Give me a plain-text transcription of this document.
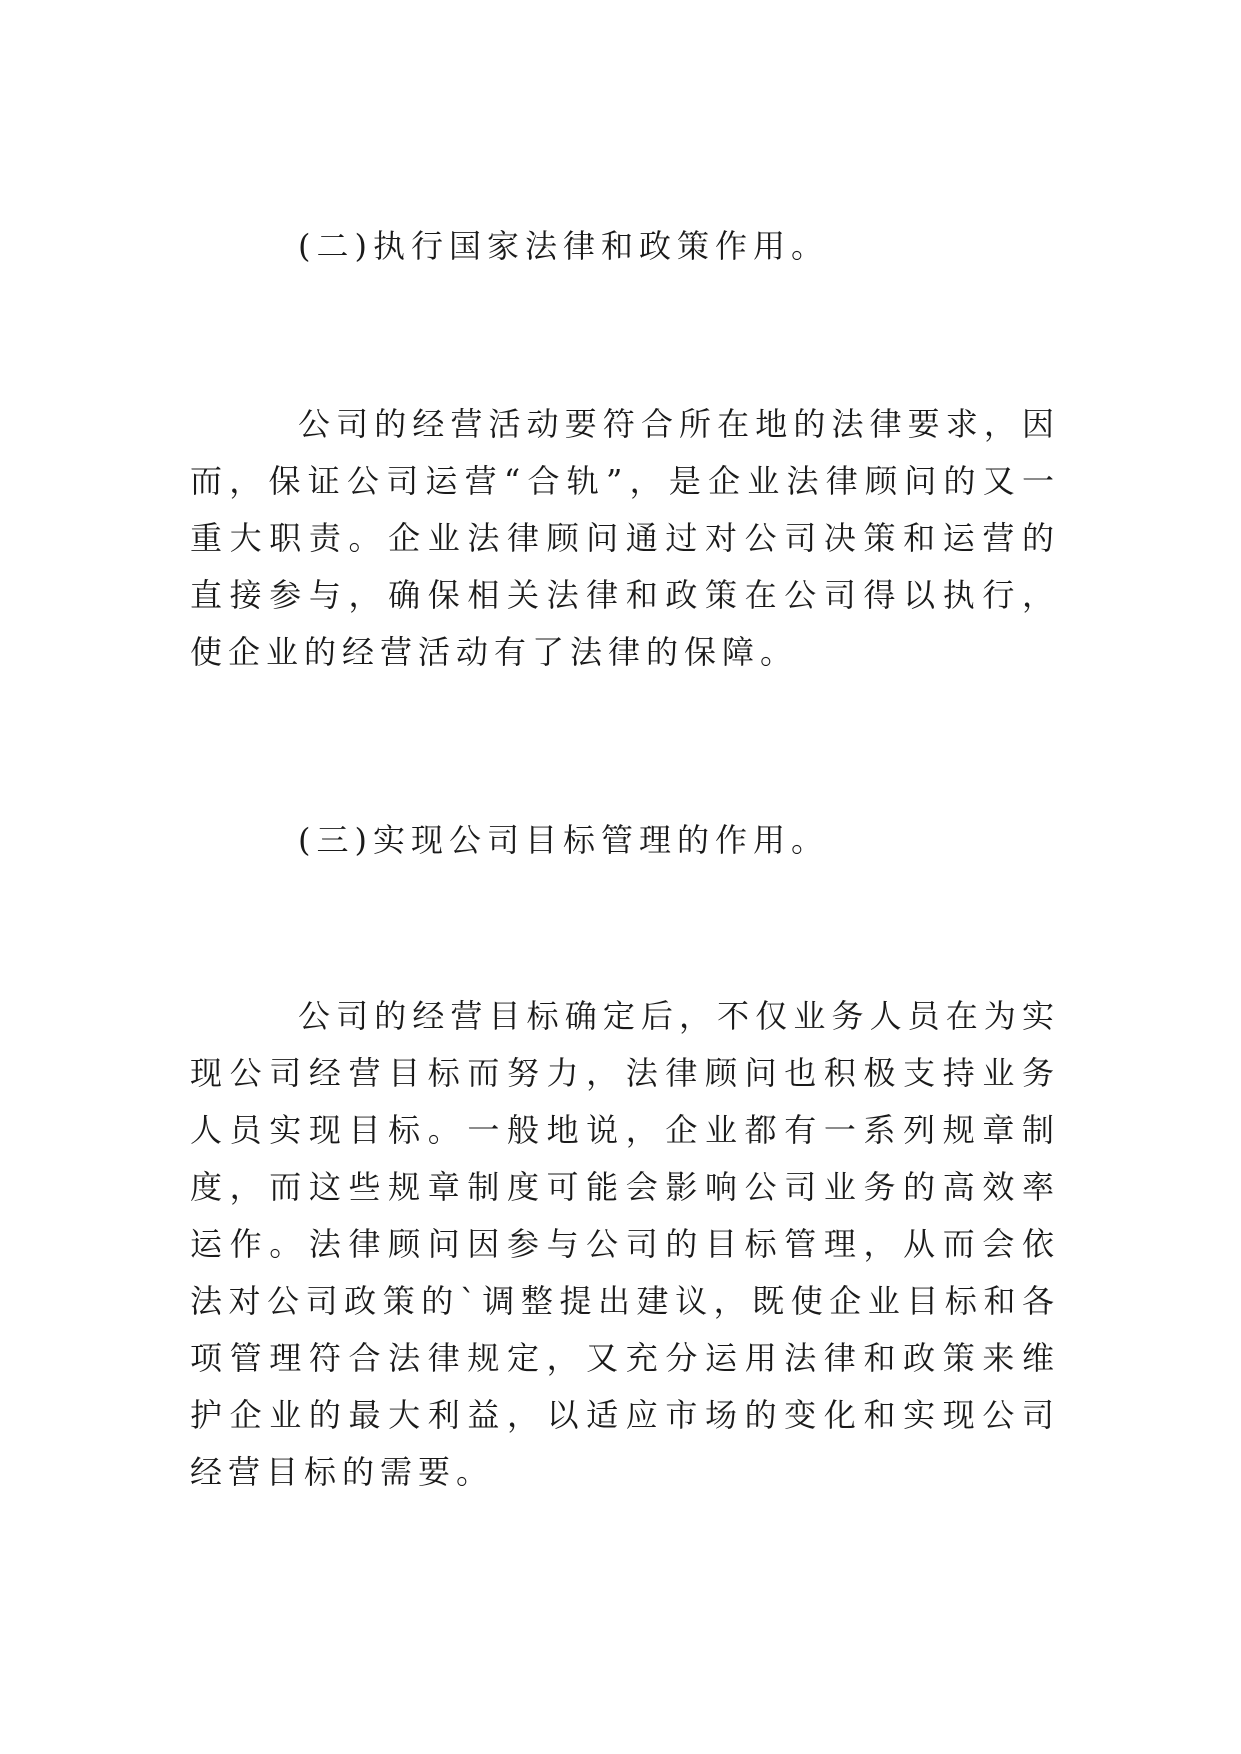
(二)执行国家法律和政策作用。
公司的经营活动要符合所在地的法律要求，因而，保证公司运营“合轨”，是企业法律顾问的又一重大职责。企业法律顾问通过对公司决策和运营的直接参与，确保相关法律和政策在公司得以执行，使企业的经营活动有了法律的保障。
(三)实现公司目标管理的作用。
公司的经营目标确定后，不仅业务人员在为实现公司经营目标而努力，法律顾问也积极支持业务人员实现目标。一般地说，企业都有一系列规章制度，而这些规章制度可能会影响公司业务的高效率运作。法律顾问因参与公司的目标管理，从而会依法对公司政策的`调整提出建议，既使企业目标和各项管理符合法律规定，又充分运用法律和政策来维护企业的最大利益，以适应市场的变化和实现公司经营目标的需要。
